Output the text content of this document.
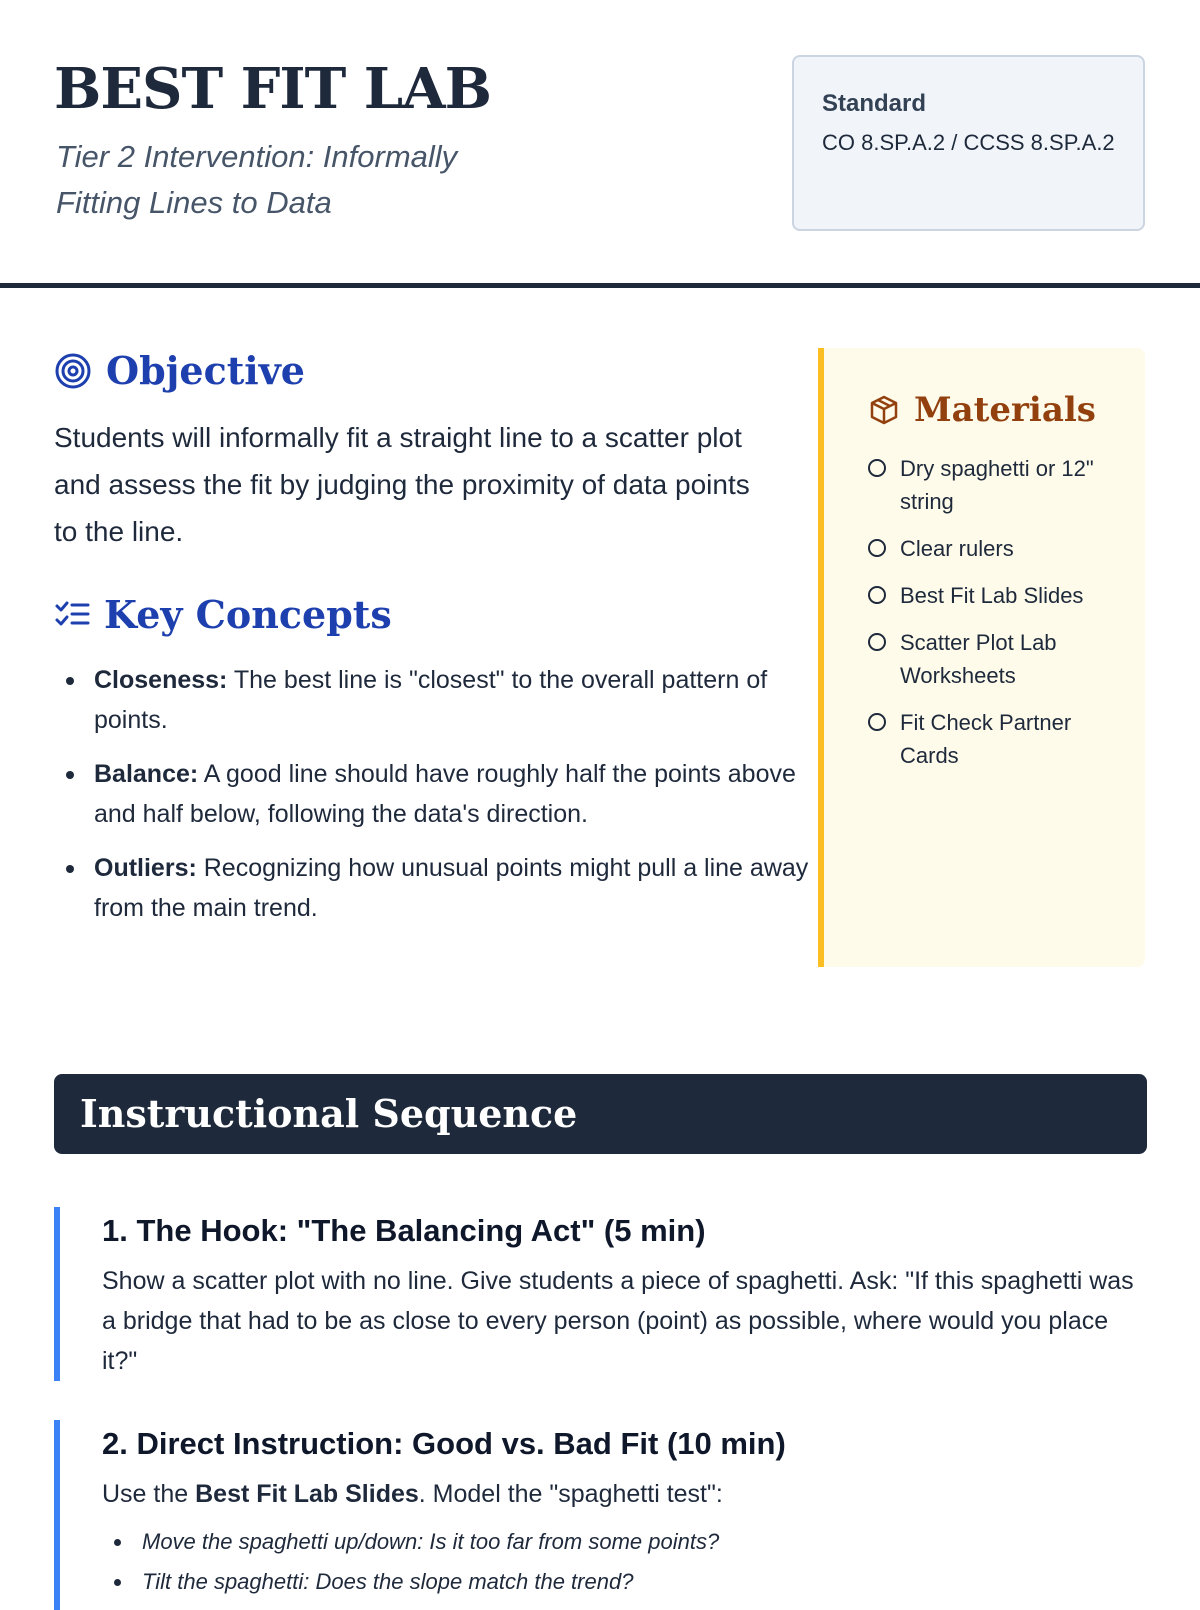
BEST FIT LAB
Tier 2 Intervention: Informally Fitting Lines to Data
Standard
CO 8.SP.A.2 / CCSS 8.SP.A.2
Objective
Students will informally fit a straight line to a scatter plot and assess the fit by judging the proximity of data points to the line.
Key Concepts
Closeness: The best line is "closest" to the overall pattern of points.
Balance: A good line should have roughly half the points above and half below, following the data's direction.
Outliers: Recognizing how unusual points might pull a line away from the main trend.
Materials
Dry spaghetti or 12" string
Clear rulers
Best Fit Lab Slides
Scatter Plot Lab Worksheets
Fit Check Partner Cards
Instructional Sequence
1. The Hook: "The Balancing Act" (5 min)
Show a scatter plot with no line. Give students a piece of spaghetti. Ask: "If this spaghetti was a bridge that had to be as close to every person (point) as possible, where would you place it?"
2. Direct Instruction: Good vs. Bad Fit (10 min)
Use the Best Fit Lab Slides. Model the "spaghetti test":
Move the spaghetti up/down: Is it too far from some points?
Tilt the spaghetti: Does the slope match the trend?
